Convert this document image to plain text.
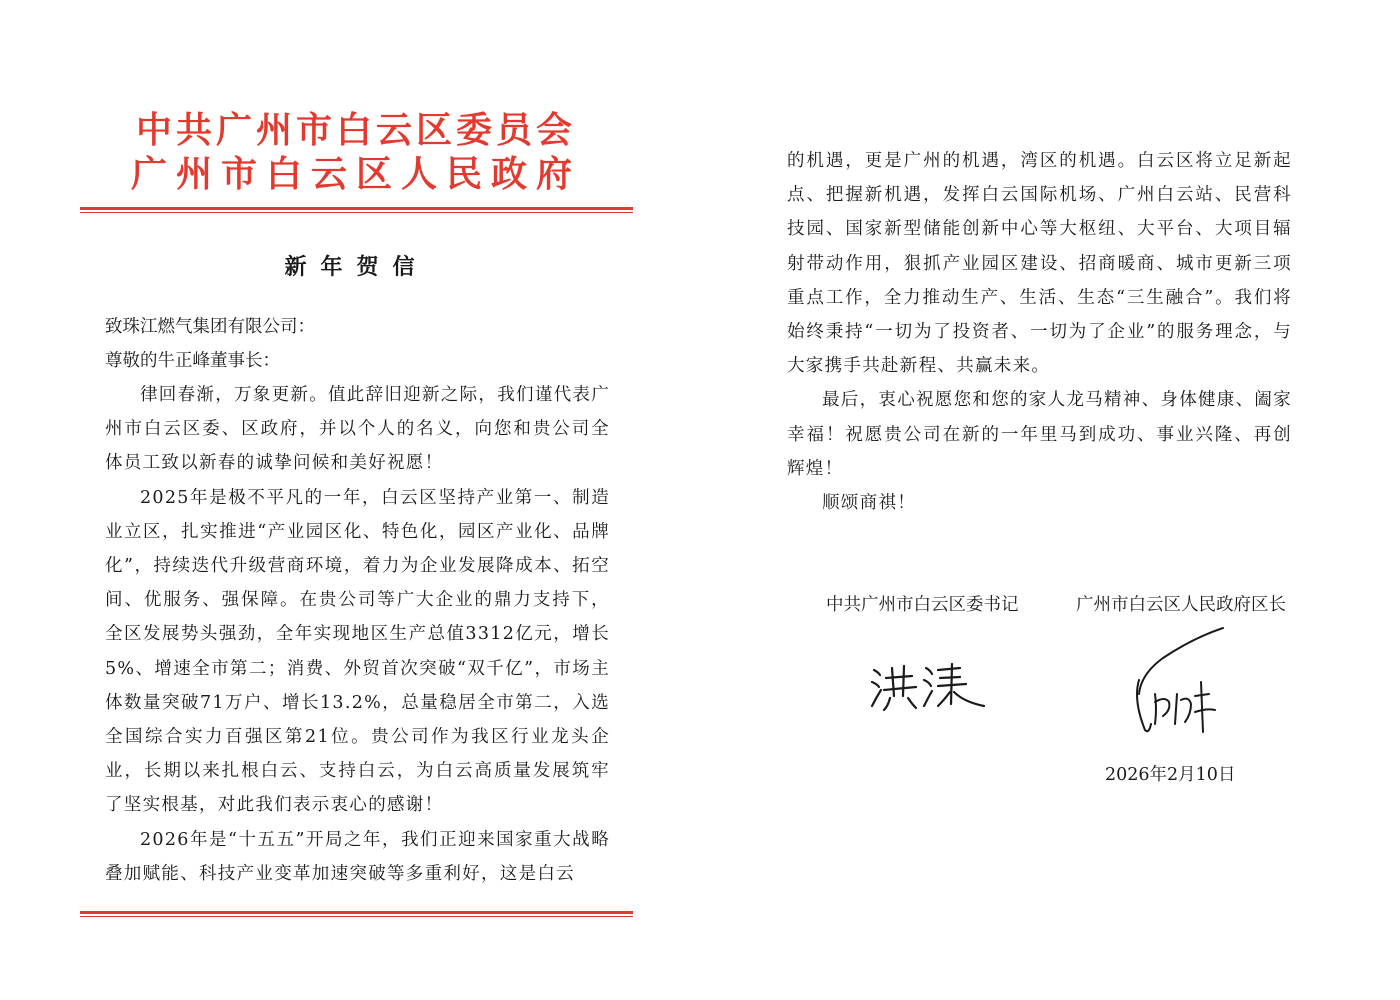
中共广州市白云区委员会
广州市白云区人民政府
新年贺信
致珠江燃气集团有限公司：
尊敬的牛正峰董事长：

律回春渐，万象更新。值此辞旧迎新之际，我们谨代表广州市白云区委、区政府，并以个人的名义，向您和贵公司全体员工致以新春的诚挚问候和美好祝愿！

2025年是极不平凡的一年，白云区坚持产业第一、制造业立区，扎实推进“产业园区化、特色化，园区产业化、品牌化”，持续迭代升级营商环境，着力为企业发展降成本、拓空间、优服务、强保障。在贵公司等广大企业的鼎力支持下，全区发展势头强劲，全年实现地区生产总值3312亿元，增长5%、增速全市第二；消费、外贸首次突破“双千亿”，市场主体数量突破71万户、增长13.2%，总量稳居全市第二，入选全国综合实力百强区第21位。贵公司作为我区行业龙头企业，长期以来扎根白云、支持白云，为白云高质量发展筑牢了坚实根基，对此我们表示衷心的感谢！

2026年是“十五五”开局之年，我们正迎来国家重大战略叠加赋能、科技产业变革加速突破等多重利好，这是白云

的机遇，更是广州的机遇，湾区的机遇。白云区将立足新起点、把握新机遇，发挥白云国际机场、广州白云站、民营科技园、国家新型储能创新中心等大枢纽、大平台、大项目辐射带动作用，狠抓产业园区建设、招商暖商、城市更新三项重点工作，全力推动生产、生活、生态“三生融合”。我们将始终秉持“一切为了投资者、一切为了企业”的服务理念，与大家携手共赴新程、共赢未来。

最后，衷心祝愿您和您的家人龙马精神、身体健康、阖家幸福！祝愿贵公司在新的一年里马到成功、事业兴隆、再创辉煌！

顺颂商祺！

中共广州市白云区委书记	广州市白云区人民政府区长
2026年2月10日
